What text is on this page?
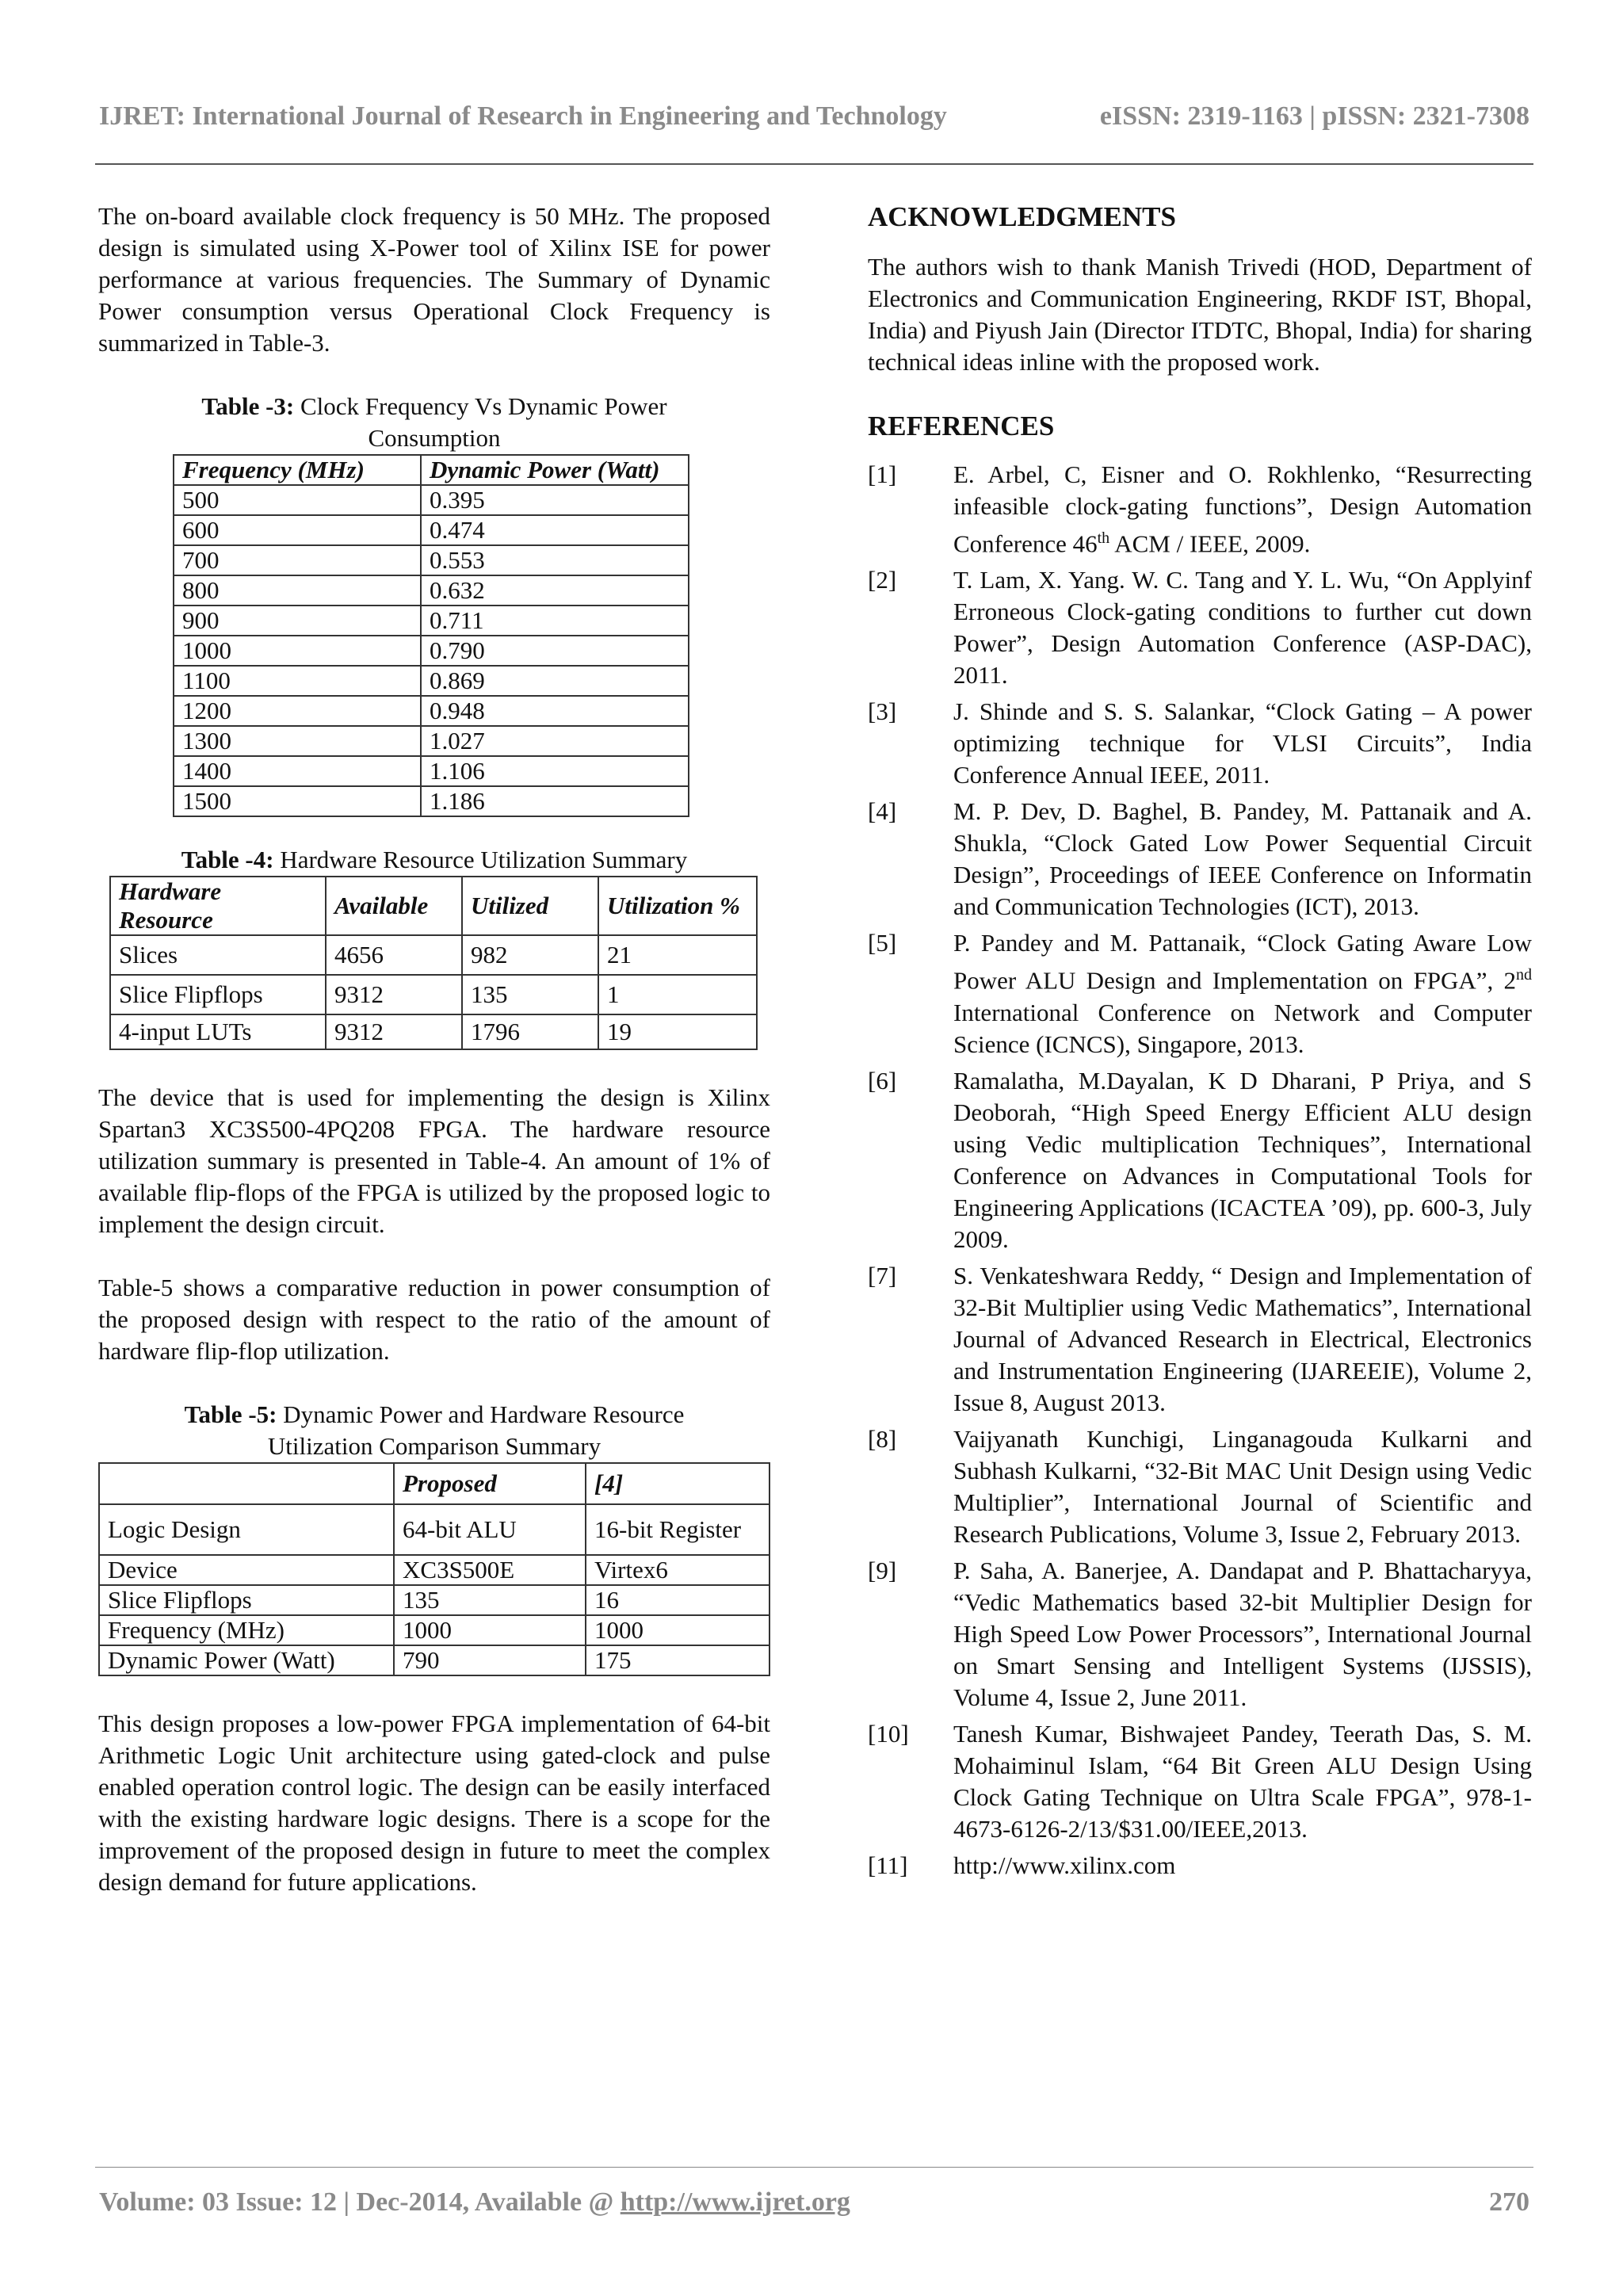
IJRET: International Journal of Research in Engineering and Technology	eISSN: 2319-1163 | pISSN: 2321-7308

The on-board available clock frequency is 50 MHz. The proposed design is simulated using X-Power tool of Xilinx ISE for power performance at various frequencies. The Summary of Dynamic Power consumption versus Operational Clock Frequency is summarized in Table-3.

Table -3: Clock Frequency Vs Dynamic Power Consumption

Frequency (MHz)	Dynamic Power (Watt)
500	0.395
600	0.474
700	0.553
800	0.632
900	0.711
1000	0.790
1100	0.869
1200	0.948
1300	1.027
1400	1.106
1500	1.186

Table -4: Hardware Resource Utilization Summary

Hardware Resource	Available	Utilized	Utilization %
Slices	4656	982	21
Slice Flipflops	9312	135	1
4-input LUTs	9312	1796	19

The device that is used for implementing the design is Xilinx Spartan3 XC3S500-4PQ208 FPGA. The hardware resource utilization summary is presented in Table-4. An amount of 1% of available flip-flops of the FPGA is utilized by the proposed logic to implement the design circuit.

Table-5 shows a comparative reduction in power consumption of the proposed design with respect to the ratio of the amount of hardware flip-flop utilization.

Table -5: Dynamic Power and Hardware Resource Utilization Comparison Summary

	Proposed	[4]
Logic Design	64-bit ALU	16-bit Register
Device	XC3S500E	Virtex6
Slice Flipflops	135	16
Frequency (MHz)	1000	1000
Dynamic Power (Watt)	790	175

This design proposes a low-power FPGA implementation of 64-bit Arithmetic Logic Unit architecture using gated-clock and pulse enabled operation control logic. The design can be easily interfaced with the existing hardware logic designs. There is a scope for the improvement of the proposed design in future to meet the complex design demand for future applications.

ACKNOWLEDGMENTS

The authors wish to thank Manish Trivedi (HOD, Department of Electronics and Communication Engineering, RKDF IST, Bhopal, India) and Piyush Jain (Director ITDTC, Bhopal, India) for sharing technical ideas inline with the proposed work.

REFERENCES

[1] E. Arbel, C, Eisner and O. Rokhlenko, “Resurrecting infeasible clock-gating functions”, Design Automation Conference 46th ACM / IEEE, 2009.

[2] T. Lam, X. Yang. W. C. Tang and Y. L. Wu, “On Applyinf Erroneous Clock-gating conditions to further cut down Power”, Design Automation Conference (ASP-DAC), 2011.

[3] J. Shinde and S. S. Salankar, “Clock Gating – A power optimizing technique for VLSI Circuits”, India Conference Annual IEEE, 2011.

[4] M. P. Dev, D. Baghel, B. Pandey, M. Pattanaik and A. Shukla, “Clock Gated Low Power Sequential Circuit Design”, Proceedings of IEEE Conference on Informatin and Communication Technologies (ICT), 2013.

[5] P. Pandey and M. Pattanaik, “Clock Gating Aware Low Power ALU Design and Implementation on FPGA”, 2nd International Conference on Network and Computer Science (ICNCS), Singapore, 2013.

[6] Ramalatha, M.Dayalan, K D Dharani, P Priya, and S Deoborah, “High Speed Energy Efficient ALU design using Vedic multiplication Techniques”, International Conference on Advances in Computational Tools for Engineering Applications (ICACTEA ’09), pp. 600-3, July 2009.

[7] S. Venkateshwara Reddy, “ Design and Implementation of 32-Bit Multiplier using Vedic Mathematics”, International Journal of Advanced Research in Electrical, Electronics and Instrumentation Engineering (IJAREEIE), Volume 2, Issue 8, August 2013.

[8] Vaijyanath Kunchigi, Linganagouda Kulkarni and Subhash Kulkarni, “32-Bit MAC Unit Design using Vedic Multiplier”, International Journal of Scientific and Research Publications, Volume 3, Issue 2, February 2013.

[9] P. Saha, A. Banerjee, A. Dandapat and P. Bhattacharyya, “Vedic Mathematics based 32-bit Multiplier Design for High Speed Low Power Processors”, International Journal on Smart Sensing and Intelligent Systems (IJSSIS), Volume 4, Issue 2, June 2011.

[10] Tanesh Kumar, Bishwajeet Pandey, Teerath Das, S. M. Mohaiminul Islam, “64 Bit Green ALU Design Using Clock Gating Technique on Ultra Scale FPGA”, 978-1-4673-6126-2/13/$31.00/IEEE,2013.

[11] http://www.xilinx.com

Volume: 03 Issue: 12 | Dec-2014, Available @ http://www.ijret.org	270
